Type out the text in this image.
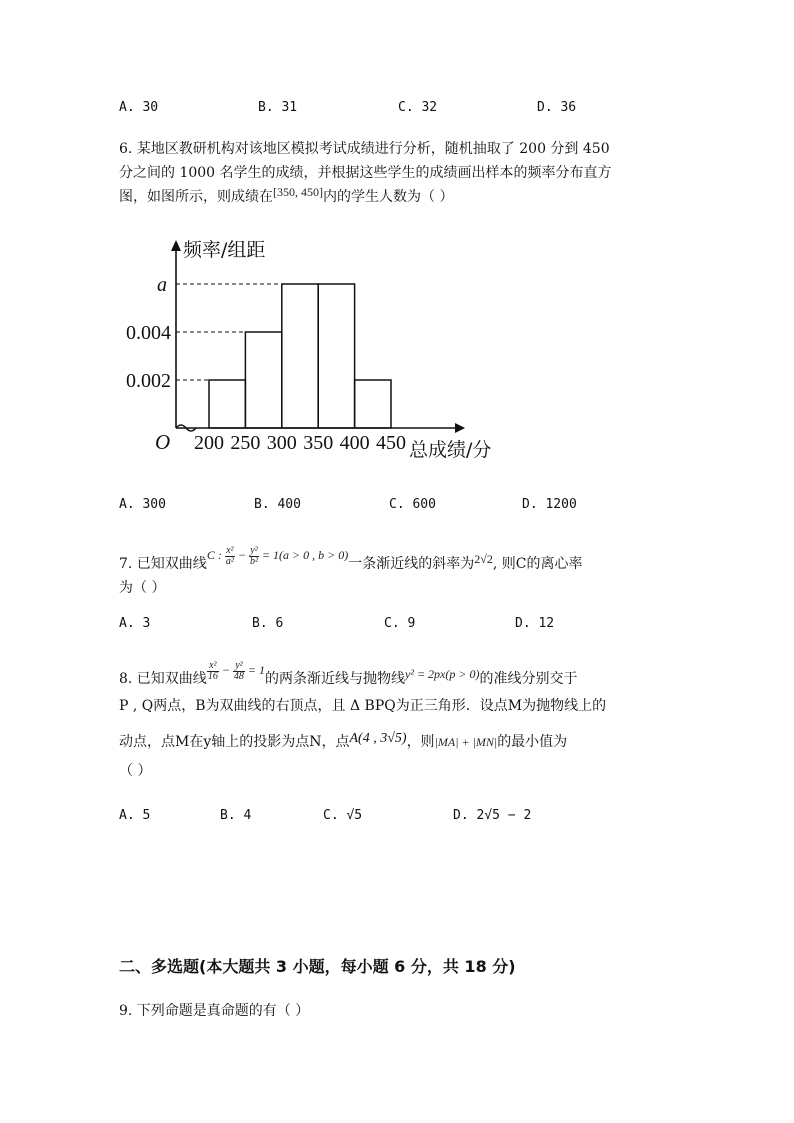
A. 30	B. 31	C. 32	D. 36
6. 某地区教研机构对该地区模拟考试成绩进行分析，随机抽取了 200 分到 450
分之间的 1000 名学生的成绩，并根据这些学生的成绩画出样本的频率分布直方
图，如图所示，则成绩在[350, 450]内的学生人数为（ ）
频率/组距
总成绩/分
O 200 250 300 350 400 450
0.002
0.004
a
A. 300	B. 400	C. 600	D. 1200
7. 已知双曲线C : $\frac{\text{x²}}{\text{a²}} - \frac{\text{y²}}{\text{b²}} = 1(a > 0$ , b > 0)一条渐近线的斜率为2√2, 则C的离心率
为（ ）
A. 3	B. 6	C. 9	D. 12
8. 已知双曲线 $\frac{\text{x²}}{16} - \frac{\text{y²}}{48} = 1$的两条渐近线与抛物线y² = 2px(p > 0)的准线分别交于
P , Q两点，B为双曲线的右顶点，且 Δ BPQ为正三角形．设点M为抛物线上的
动点，点M在y轴上的投影为点N，点A(4 , 3√5)，则|MA| + |MN|的最小值为
（ ）
A. 5	B. 4	C. √5	D. 2√5 − 2
二、多选题(本大题共 3 小题，每小题 6 分，共 18 分)
9. 下列命题是真命题的有（ ）
